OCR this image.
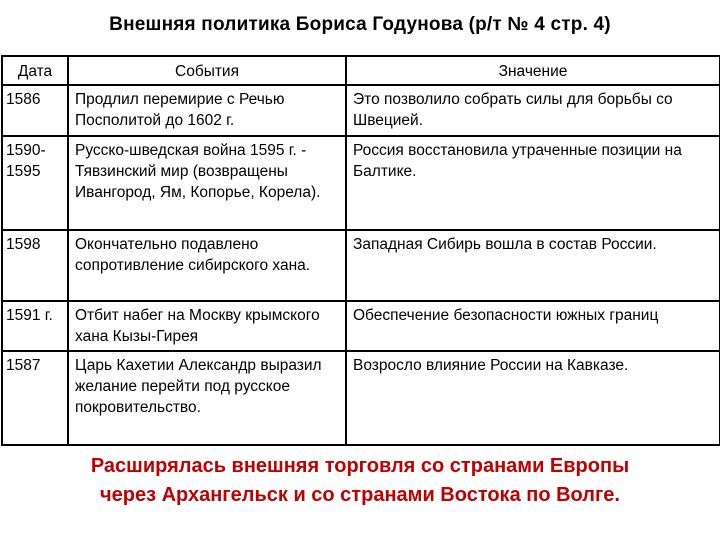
Внешняя политика Бориса Годунова (р/т № 4 стр. 4)
Дата	События	Значение
1586	Продлил перемирие с Речью Посполитой до 1602 г.	Это позволило собрать силы для борьбы со Швецией.
1590-1595	Русско-шведская война 1595 г. - Тявзинский мир (возвращены Ивангород, Ям, Копорье, Корела).	Россия восстановила утраченные позиции на Балтике.
1598	Окончательно подавлено сопротивление сибирского хана.	Западная Сибирь вошла в состав России.
1591 г.	Отбит набег на Москву крымского хана Кызы-Гирея	Обеспечение безопасности южных границ
1587	Царь Кахетии Александр выразил желание перейти под русское покровительство.	Возросло влияние России на Кавказе.
Расширялась внешняя торговля со странами Европы
через Архангельск и со странами Востока по Волге.
